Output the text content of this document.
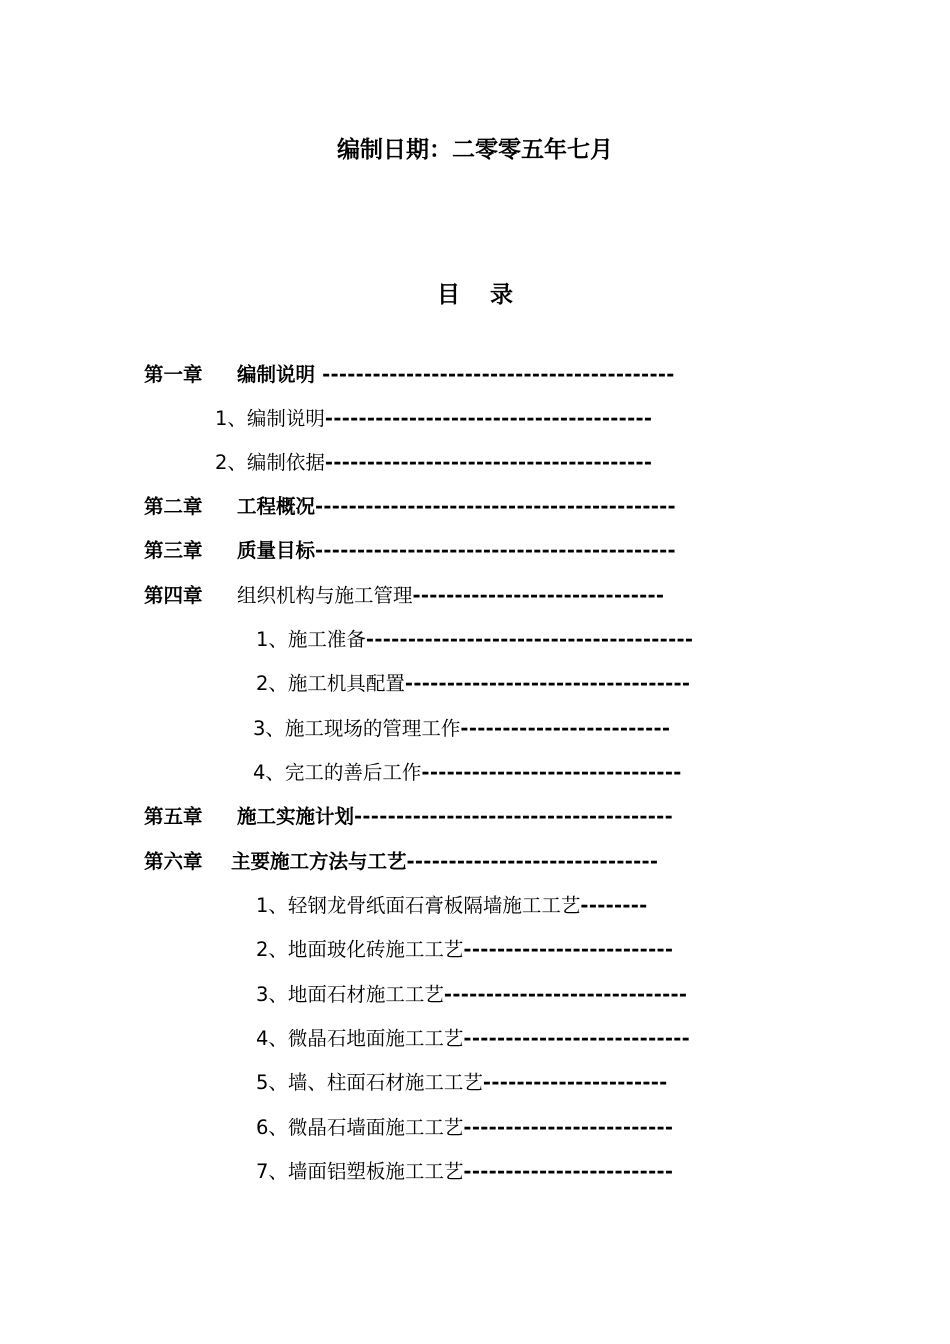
编制日期：二零零五年七月
目录
第一章 编制说明 ------------------------------------------
1、编制说明---------------------------------------
2、编制依据---------------------------------------
第二章 工程概况-------------------------------------------
第三章 质量目标-------------------------------------------
第四章 组织机构与施工管理------------------------------
1、施工准备---------------------------------------
2、施工机具配置----------------------------------
3、施工现场的管理工作-------------------------
4、完工的善后工作-------------------------------
第五章 施工实施计划--------------------------------------
第六章 主要施工方法与工艺------------------------------
1、轻钢龙骨纸面石膏板隔墙施工工艺--------
2、地面玻化砖施工工艺-------------------------
3、地面石材施工工艺-----------------------------
4、微晶石地面施工工艺---------------------------
5、墙、柱面石材施工工艺----------------------
6、微晶石墙面施工工艺-------------------------
7、墙面铝塑板施工工艺-------------------------
